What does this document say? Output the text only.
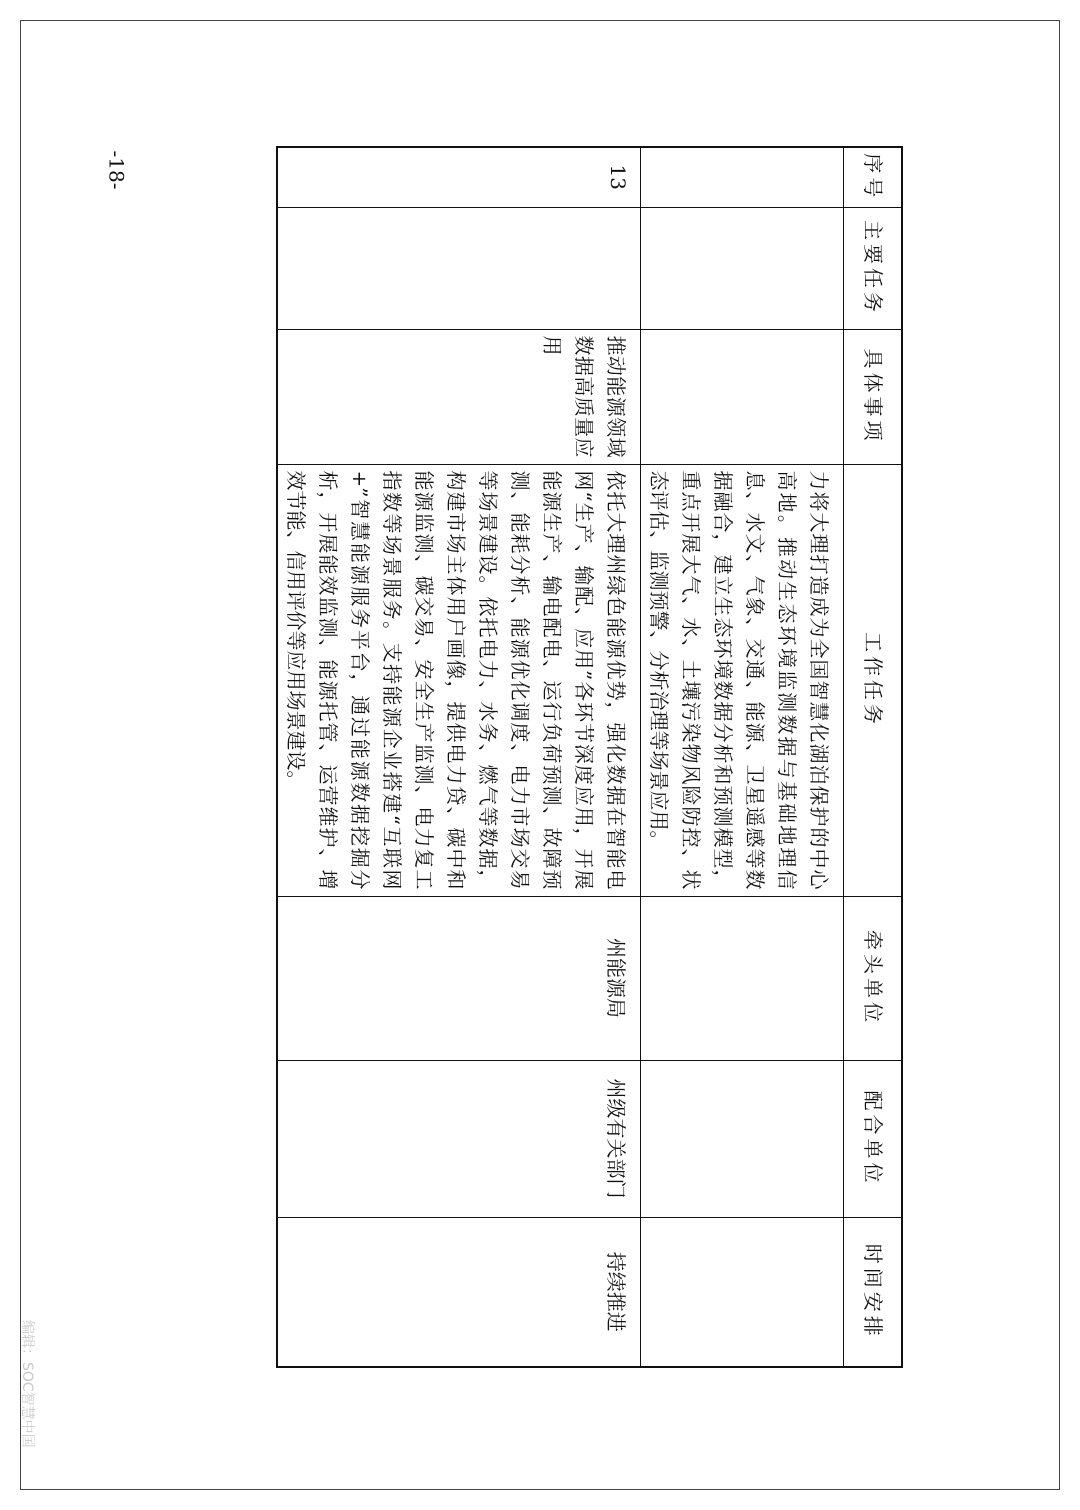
-18-	序号	主要任务	具体事项	工作任务	牵头单位	配合单位	时间安排

			力将大理打造成为全国智慧化湖泊保护的中心高地。推动生态环境监测数据与基础地理信息、水文、气象、交通、能源、卫星遥感等数据融合，建立生态环境数据分析和预测模型，重点开展大气、水、土壤污染物风险防控、状态评估、监测预警、分析治理等场景应用。			

13		推动能源领域数据高质量应用	依托大理州绿色能源优势，强化数据在智能电网“生产、输配、应用”各环节深度应用，开展能源生产、输电配电、运行负荷预测、故障预测、能耗分析、能源优化调度、电力市场交易等场景建设。依托电力、水务、燃气等数据，构建市场主体用户画像，提供电力贷、碳中和能源监测、碳交易、安全生产监测、电力复工指数等场景服务。支持能源企业搭建“互联网+”智慧能源服务平台，通过能源数据挖掘分析，开展能效监测、能源托管、运营维护、增效节能、信用评价等应用场景建设。	州能源局	州级有关部门	持续推进
编辑：SOC智慧中国
